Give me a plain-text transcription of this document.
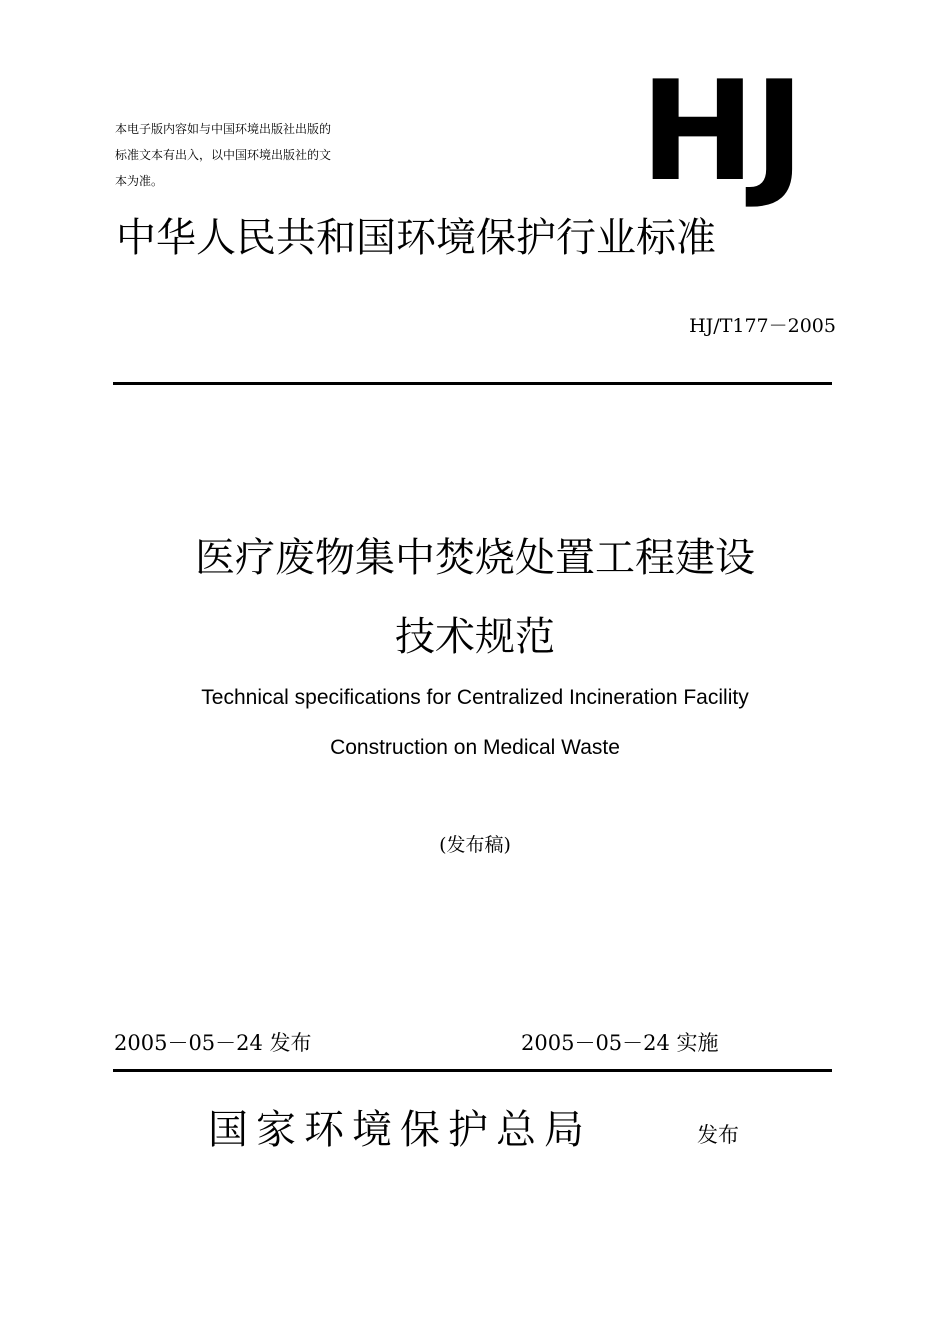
本电子版内容如与中国环境出版社出版的
标准文本有出入，以中国环境出版社的文
本为准。	HJ
中华人民共和国环境保护行业标准
HJ/T177－2005
医疗废物集中焚烧处置工程建设
技术规范
Technical specifications for Centralized Incineration Facility
Construction on Medical Waste
(发布稿)
2005－05－24 发布	2005－05－24 实施
国家环境保护总局	发布
